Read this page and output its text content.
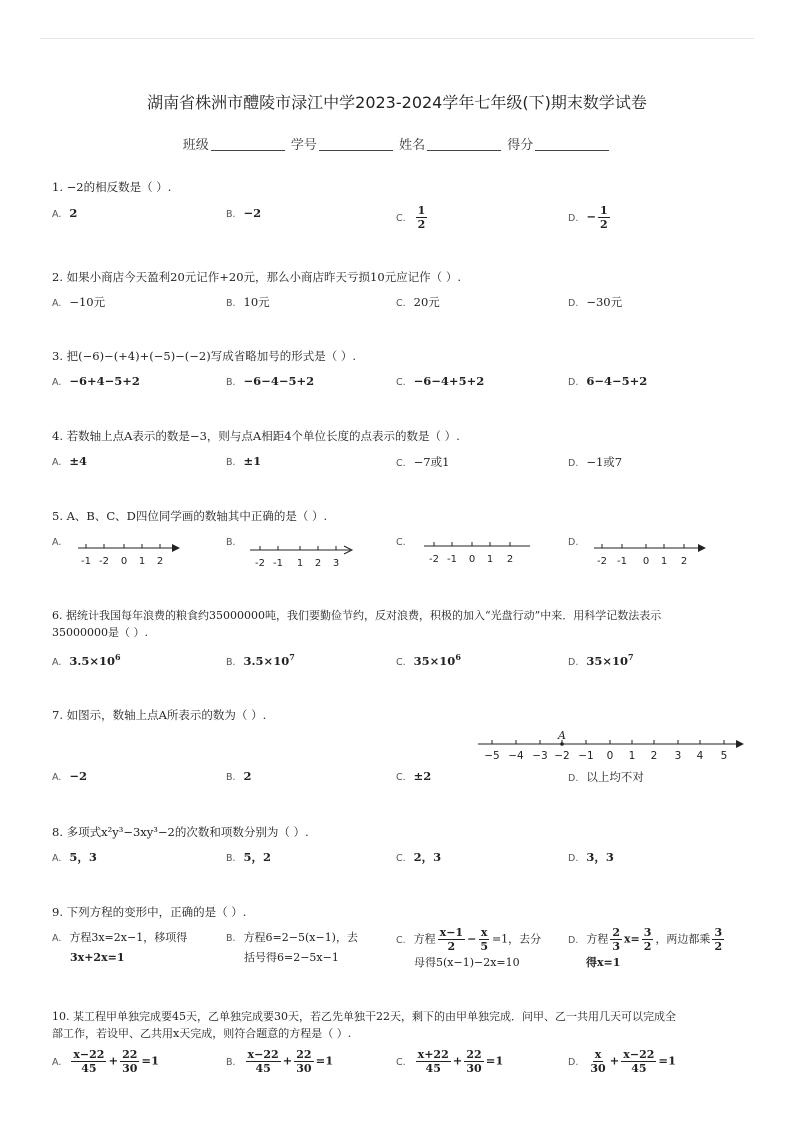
湖南省株洲市醴陵市渌江中学2023-2024学年七年级(下)期末数学试卷
班级	学号	姓名	得分
1. −2的相反数是（ ）.
A. 2	B. −2	C. $\frac{1}{2}$	D. − $\frac{1}{2}$
2. 如果小商店今天盈利20元记作+20元，那么小商店昨天亏损10元应记作（ ）.
A. −10元	B. 10元	C. 20元	D. −30元
3. 把(−6)−(+4)+(−5)−(−2)写成省略加号的形式是（ ）.
A. −6+4−5+2	B. −6−4−5+2	C. −6−4+5+2	D. 6−4−5+2
4. 若数轴上点A表示的数是−3，则与点A相距4个单位长度的点表示的数是（ ）.
A. ±4	B. ±1	C. −7或1	D. −1或7
5. A、B、C、D四位同学画的数轴其中正确的是（ ）.
A.	B.	C.	D.
-1 -2 0 1 2	-2 -1 1 2 3	-2 -1 0 1 2	-2 -1 0 1 2
6. 据统计我国每年浪费的粮食约35000000吨，我们要勤俭节约，反对浪费，积极的加入“光盘行动”中来．用科学记数法表示
35000000是（ ）.
A. $3.5\times 10^6$	B. $3.5\times 10^7$	C. $35\times 10^6$	D. $35\times 10^7$
7. 如图示，数轴上点A所表示的数为（ ）.
A
−5 −4 −3 −2 −1 0 1 2 3 4 5
A. −2	B. 2	C. ±2	D. 以上均不对
8. 多项式x²y³−3xy³−2的次数和项数分别为（ ）.
A. 5，3	B. 5，2	C. 2，3	D. 3，3
9. 下列方程的变形中，正确的是（ ）.
A. 方程3x=2x−1，移项得
3x+2x=1
B. 方程6=2−5(x−1)，去
括号得6=2−5x−1
C. 方程 $\frac{x-1}{2} - \frac{x}{5} =1$，去分
母得5(x−1)−2x=10
D. 方程 $\frac{2}{3} x= \frac{3}{2}$ ，两边都乘 $\frac{3}{2}$
得x=1
10. 某工程甲单独完成要45天，乙单独完成要30天，若乙先单独干22天，剩下的由甲单独完成．问甲、乙一共用几天可以完成全
部工作，若设甲、乙共用x天完成，则符合题意的方程是（ ）.
A. $\frac{x-22}{45} + \frac{22}{30} =1$	B. $\frac{x-22}{45} + \frac{22}{30} =1$	C. $\frac{x+22}{45} + \frac{22}{30} =1$	D. $\frac{x}{30} + \frac{x-22}{45} =1$
